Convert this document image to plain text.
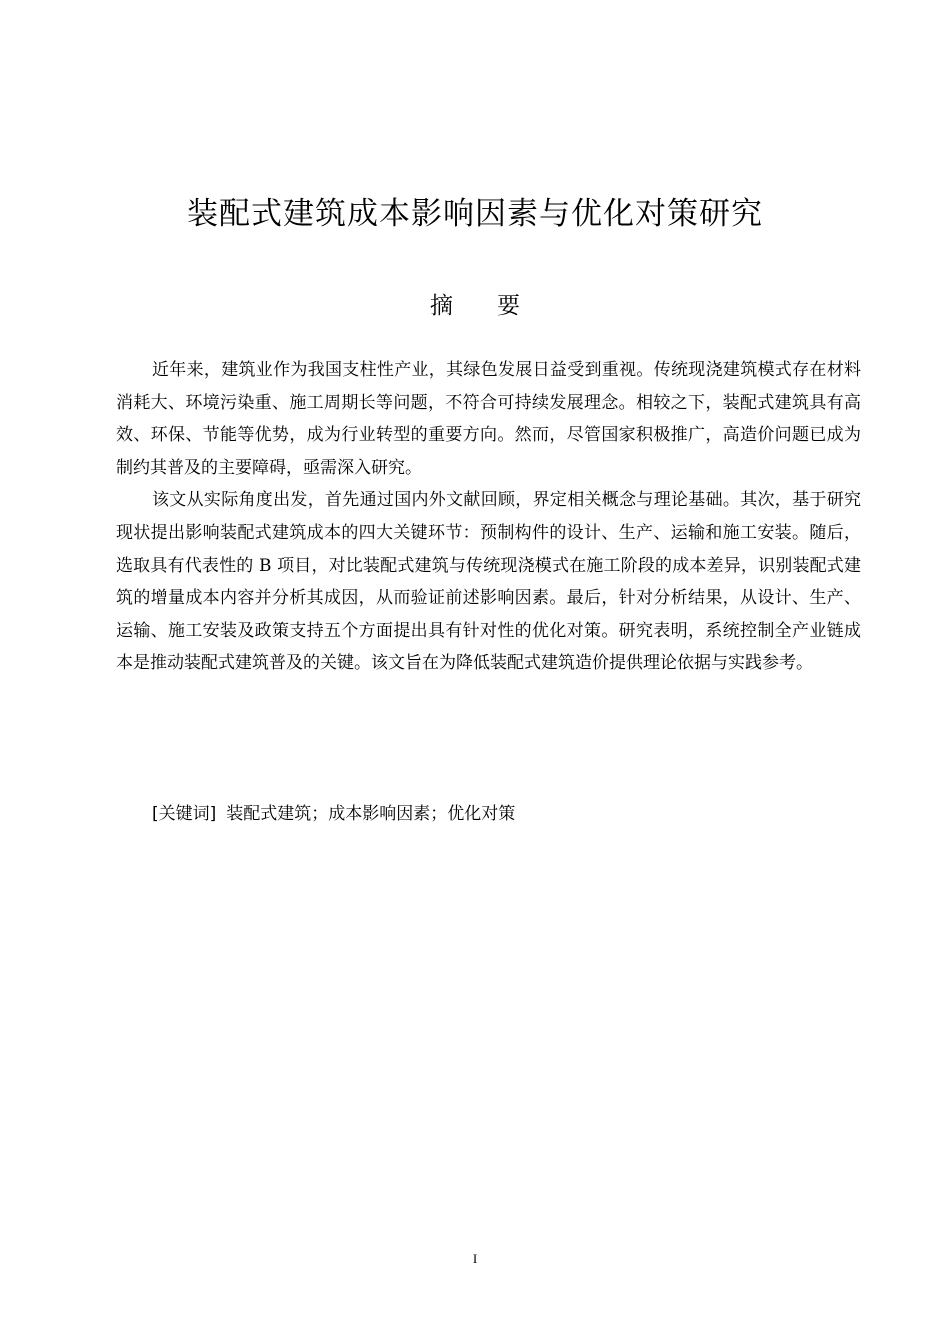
装配式建筑成本影响因素与优化对策研究
摘要

近年来，建筑业作为我国支柱性产业，其绿色发展日益受到重视。传统现浇建筑模式存在材料消耗大、环境污染重、施工周期长等问题，不符合可持续发展理念。相较之下，装配式建筑具有高效、环保、节能等优势，成为行业转型的重要方向。然而，尽管国家积极推广，高造价问题已成为制约其普及的主要障碍，亟需深入研究。

该文从实际角度出发，首先通过国内外文献回顾，界定相关概念与理论基础。其次，基于研究现状提出影响装配式建筑成本的四大关键环节：预制构件的设计、生产、运输和施工安装。随后，选取具有代表性的 B 项目，对比装配式建筑与传统现浇模式在施工阶段的成本差异，识别装配式建筑的增量成本内容并分析其成因，从而验证前述影响因素。最后，针对分析结果，从设计、生产、运输、施工安装及政策支持五个方面提出具有针对性的优化对策。研究表明，系统控制全产业链成本是推动装配式建筑普及的关键。该文旨在为降低装配式建筑造价提供理论依据与实践参考。

[关键词] 装配式建筑；成本影响因素；优化对策
I
